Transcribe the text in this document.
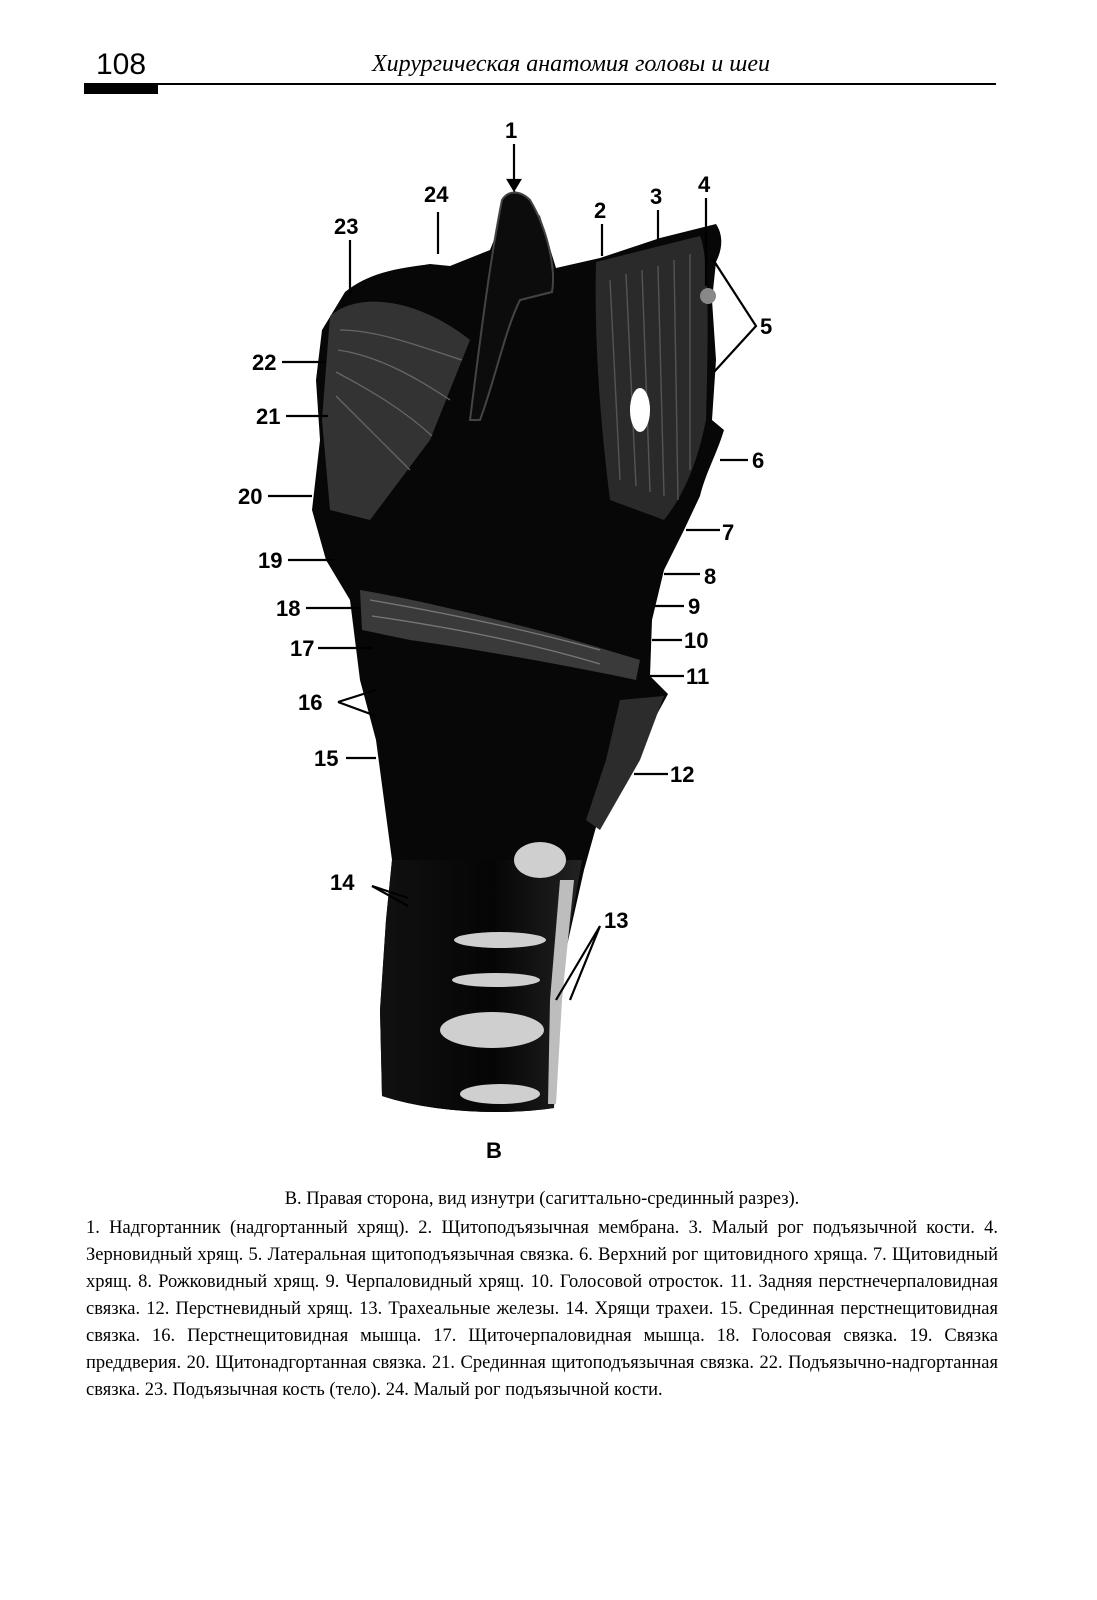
108	Хирургическая анатомия головы и шеи
1
2
3 4
5
6
7
8
9
10
11
12
13
14
15
16
17
18
19
20
21
22
23
24
В

В. Правая сторона, вид изнутри (сагиттально-срединный разрез).

1. Надгортанник (надгортанный хрящ). 2. Щитоподъязычная мембрана. 3. Малый рог подъязычной кости. 4. Зерновидный хрящ. 5. Латеральная щитоподъязычная связка. 6. Верхний рог щитовидного хряща. 7. Щитовидный хрящ. 8. Рожковидный хрящ. 9. Черпаловидный хрящ. 10. Голосовой отросток. 11. Задняя перстнечерпаловидная связка. 12. Перстневидный хрящ. 13. Трахеальные железы. 14. Хрящи трахеи. 15. Срединная перстнещитовидная связка. 16. Перстнещитовидная мышца. 17. Щиточерпаловидная мышца. 18. Голосовая связка. 19. Связка преддверия. 20. Щитонадгортанная связка. 21. Срединная щитоподъязычная связка. 22. Подъязычно-надгортанная связка. 23. Подъязычная кость (тело). 24. Малый рог подъязычной кости.
